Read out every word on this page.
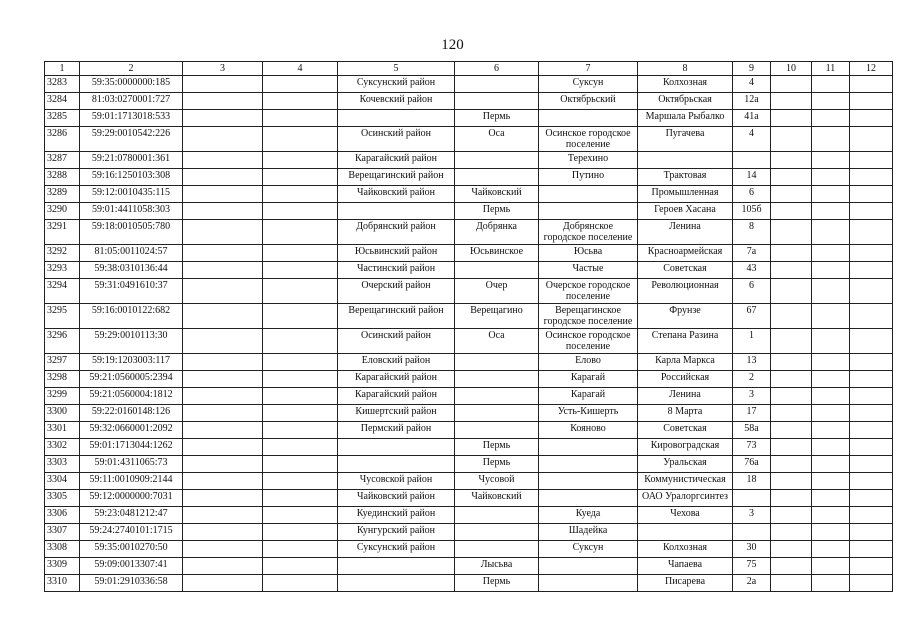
120
1	2	3	4	5	6	7	8	9	10	11	12
3283	59:35:0000000:185			Суксунский район		Суксун	Колхозная	4			
3284	81:03:0270001:727			Кочевский район		Октябрьский	Октябрьская	12а			
3285	59:01:1713018:533				Пермь		Маршала Рыбалко	41а			
3286	59:29:0010542:226			Осинский район	Оса	Осинское городское поселение	Пугачева	4			
3287	59:21:0780001:361			Карагайский район		Терехино					
3288	59:16:1250103:308			Верещагинский район		Путино	Трактовая	14			
3289	59:12:0010435:115			Чайковский район	Чайковский		Промышленная	6			
3290	59:01:4411058:303				Пермь		Героев Хасана	105б			
3291	59:18:0010505:780			Добрянский район	Добрянка	Добрянское городское поселение	Ленина	8			
3292	81:05:0011024:57			Юсьвинский район	Юсьвинское	Юсьва	Красноармейская	7а			
3293	59:38:0310136:44			Частинский район		Частые	Советская	43			
3294	59:31:0491610:37			Очерский район	Очер	Очерское городское поселение	Революционная	6			
3295	59:16:0010122:682			Верещагинский район	Верещагино	Верещагинское городское поселение	Фрунзе	67			
3296	59:29:0010113:30			Осинский район	Оса	Осинское городское поселение	Степана Разина	1			
3297	59:19:1203003:117			Еловский район		Елово	Карла Маркса	13			
3298	59:21:0560005:2394			Карагайский район		Карагай	Российская	2			
3299	59:21:0560004:1812			Карагайский район		Карагай	Ленина	3			
3300	59:22:0160148:126			Кишертский район		Усть-Кишерть	8 Марта	17			
3301	59:32:0660001:2092			Пермский район		Кояново	Советская	58а			
3302	59:01:1713044:1262				Пермь		Кировоградская	73			
3303	59:01:4311065:73				Пермь		Уральская	76а			
3304	59:11:0010909:2144			Чусовской район	Чусовой		Коммунистическая	18			
3305	59:12:0000000:7031			Чайковский район	Чайковский		ОАО Уралоргсинтез				
3306	59:23:0481212:47			Куединский район		Куеда	Чехова	3			
3307	59:24:2740101:1715			Кунгурский район		Шадейка					
3308	59:35:0010270:50			Суксунский район		Суксун	Колхозная	30			
3309	59:09:0013307:41				Лысьва		Чапаева	75			
3310	59:01:2910336:58				Пермь		Писарева	2а			
